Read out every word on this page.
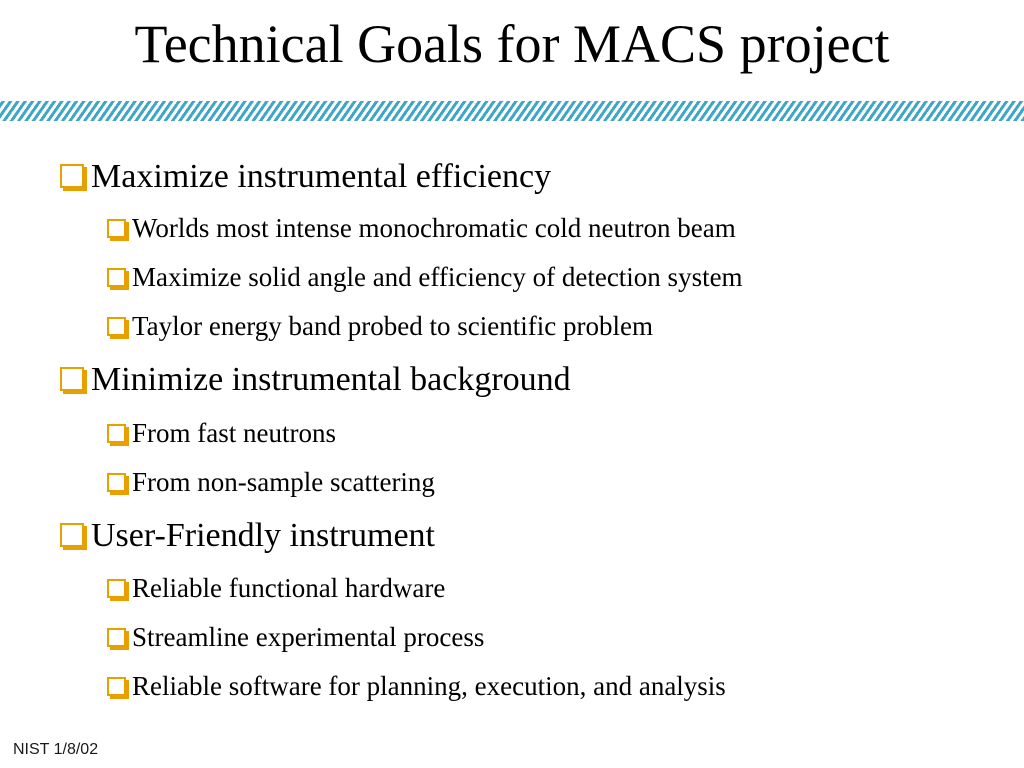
Technical Goals for MACS project
Maximize instrumental efficiency
Worlds most intense monochromatic cold neutron beam
Maximize solid angle and efficiency of detection system
Taylor energy band probed to scientific problem
Minimize instrumental background
From fast neutrons
From non-sample scattering
User-Friendly instrument
Reliable functional hardware
Streamline experimental process
Reliable software for planning, execution, and analysis
NIST 1/8/02
